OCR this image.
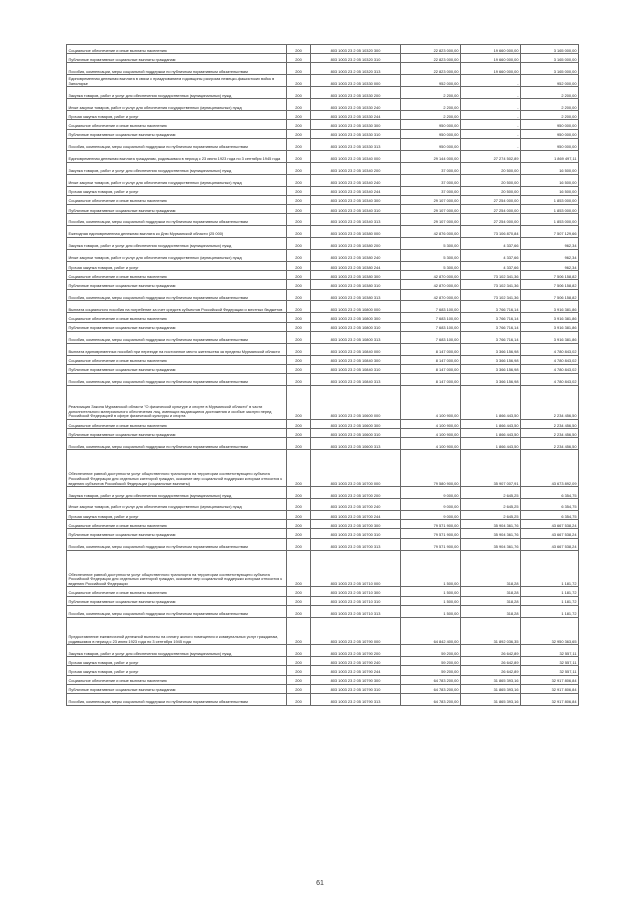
Социальное обеспечение и иные выплаты населению	200	803 1003 23 2 05 10320 300	22 823 000,00	19 660 000,00	3 165 000,00
Публичные нормативные социальные выплаты гражданам	200	803 1003 23 2 05 10320 310	22 823 000,00	19 660 000,00	3 165 000,00
Пособия, компенсации, меры социальной поддержки по публичным нормативным обязательствам	200	803 1003 23 2 05 10320 313	22 823 000,00	19 660 000,00	3 165 000,00
Единовременная денежная выплата в связи с празднованием годовщины разгрома немецко-фашистских войск в Заполярье	200	803 1003 23 2 05 10330 000	952 000,00	-	952 000,00
Закупка товаров, работ и услуг для обеспечения государственных (муниципальных) нужд	200	803 1003 23 2 05 10330 200	2 200,00	-	2 200,00
Иные закупки товаров, работ и услуг для обеспечения государственных (муниципальных) нужд	200	803 1003 23 2 05 10330 240	2 200,00	-	2 200,00
Прочая закупка товаров, работ и услуг	200	803 1003 23 2 05 10330 244	2 200,00	-	2 200,00
Социальное обеспечение и иные выплаты населению	200	803 1003 23 2 05 10330 300	950 000,00	-	950 000,00
Публичные нормативные социальные выплаты гражданам	200	803 1003 23 2 05 10330 310	950 000,00	-	950 000,00
Пособия, компенсации, меры социальной поддержки по публичным нормативным обязательствам	200	803 1003 23 2 05 10330 313	950 000,00	-	950 000,00
Единовременная денежная выплата гражданам, родившимся в период с 23 июня 1923 года по 3 сентября 1945 года	200	803 1003 23 2 05 10340 000	29 144 000,00	27 274 502,89	1 869 497,11
Закупка товаров, работ и услуг для обеспечения государственных (муниципальных) нужд	200	803 1003 23 2 05 10340 200	37 000,00	20 500,00	16 500,00
Иные закупки товаров, работ и услуг для обеспечения государственных (муниципальных) нужд	200	803 1003 23 2 05 10340 240	37 000,00	20 500,00	16 500,00
Прочая закупка товаров, работ и услуг	200	803 1003 23 2 05 10340 244	37 000,00	20 500,00	16 500,00
Социальное обеспечение и иные выплаты населению	200	803 1003 23 2 05 10340 300	29 107 000,00	27 254 000,00	1 853 000,00
Публичные нормативные социальные выплаты гражданам	200	803 1003 23 2 05 10340 310	29 107 000,00	27 254 000,00	1 853 000,00
Пособия, компенсации, меры социальной поддержки по публичным нормативным обязательствам	200	803 1003 23 2 05 10340 313	29 107 000,00	27 254 000,00	1 853 000,00
Ежегодная единовременная денежная выплата ко Дню Мурманской области (25 000)	200	803 1003 23 2 05 10380 000	42 876 000,00	73 106 870,84	7 507 129,66
Закупка товаров, работ и услуг для обеспечения государственных (муниципальных) нужд	200	803 1003 23 2 05 10380 200	5 300,00	4 337,66	962,34
Иные закупки товаров, работ и услуг для обеспечения государственных (муниципальных) нужд	200	803 1003 23 2 05 10380 240	5 300,00	4 337,66	962,34
Прочая закупка товаров, работ и услуг	200	803 1003 23 2 05 10380 244	5 300,00	4 337,66	962,34
Социальное обеспечение и иные выплаты населению	200	803 1003 23 2 05 10380 300	42 870 000,00	73 102 341,36	7 506 158,82
Публичные нормативные социальные выплаты гражданам	200	803 1003 23 2 05 10380 310	42 870 000,00	73 102 341,36	7 506 158,82
Пособия, компенсации, меры социальной поддержки по публичным нормативным обязательствам	200	803 1003 23 2 05 10380 313	42 870 000,00	73 102 341,36	7 506 158,82
Выплата социального пособия на погребение за счет средств субъектов Российской Федерации и местных бюджетов	200	803 1003 23 2 05 10800 000	7 683 100,00	3 766 716,14	3 916 381,86
Социальное обеспечение и иные выплаты населению	200	803 1003 23 2 05 10800 300	7 683 100,00	3 766 716,14	3 916 381,86
Публичные нормативные социальные выплаты гражданам	200	803 1003 23 2 05 10800 310	7 683 100,00	3 766 716,14	3 916 381,86
Пособия, компенсации, меры социальной поддержки по публичным нормативным обязательствам	200	803 1003 23 2 05 10800 313	7 683 100,00	3 766 716,14	3 916 381,86
Выплата единовременных пособий при переезде на постоянное место жительства за пределы Мурманской области	200	803 1003 23 2 05 10840 000	8 147 000,00	3 366 156,98	4 780 843,02
Социальное обеспечение и иные выплаты населению	200	803 1003 23 2 05 10840 300	8 147 000,00	3 366 156,98	4 780 843,02
Публичные нормативные социальные выплаты гражданам	200	803 1003 23 2 05 10840 310	8 147 000,00	3 366 156,98	4 780 843,02
Пособия, компенсации, меры социальной поддержки по публичным нормативным обязательствам	200	803 1003 23 2 05 10840 313	8 147 000,00	3 366 156,98	4 780 843,02
Реализация Закона Мурманской области "О физической культуре и спорте в Мурманской области" в части дополнительного материального обеспечения лиц, имеющих выдающиеся достижения и особые заслуги перед Российской Федерацией в сфере физической культуры и спорта	200	803 1003 23 2 05 10600 000	4 100 900,00	1 866 443,50	2 234 456,50
Социальное обеспечение и иные выплаты населению	200	803 1003 23 2 05 10600 300	4 100 900,00	1 866 443,50	2 234 456,50
Публичные нормативные социальные выплаты гражданам	200	803 1003 23 2 05 10600 310	4 100 900,00	1 866 443,50	2 234 456,50
Пособия, компенсации, меры социальной поддержки по публичным нормативным обязательствам	200	803 1003 23 2 05 10600 313	4 100 900,00	1 866 443,50	2 234 456,50
Обеспечение равной доступности услуг общественного транспорта на территории соответствующего субъекта Российской Федерации для отдельных категорий граждан, оказание мер социальной поддержки которым относится к ведению субъектов Российской Федерации (социальные выплаты)	200	803 1003 23 2 05 10700 000	79 580 900,00	35 907 007,91	43 673 892,09
Закупка товаров, работ и услуг для обеспечения государственных (муниципальных) нужд	200	803 1003 23 2 05 10700 200	9 000,00	2 645,25	6 354,75
Иные закупки товаров, работ и услуг для обеспечения государственных (муниципальных) нужд	200	803 1003 23 2 05 10700 240	9 000,00	2 645,25	6 354,75
Прочая закупка товаров, работ и услуг	200	803 1003 23 2 05 10700 244	9 000,00	2 645,25	6 354,75
Социальное обеспечение и иные выплаты населению	200	803 1003 23 2 05 10700 300	79 571 900,00	35 904 361,76	43 667 538,24
Публичные нормативные социальные выплаты гражданам	200	803 1003 23 2 05 10700 310	79 571 900,00	35 904 361,76	43 667 538,24
Пособия, компенсации, меры социальной поддержки по публичным нормативным обязательствам	200	803 1003 23 2 05 10700 313	79 571 900,00	35 904 361,76	43 667 538,24
Обеспечение равной доступности услуг общественного транспорта на территории соответствующего субъекта Российской Федерации для отдельных категорий граждан, оказание мер социальной поддержки которым относится к ведению Российской Федерации	200	803 1003 23 2 05 10710 000	1 500,00	318,28	1 181,72
Социальное обеспечение и иные выплаты населению	200	803 1003 23 2 05 10710 300	1 500,00	318,28	1 181,72
Публичные нормативные социальные выплаты гражданам	200	803 1003 23 2 05 10710 310	1 500,00	318,28	1 181,72
Пособия, компенсации, меры социальной поддержки по публичным нормативным обязательствам	200	803 1003 23 2 05 10710 313	1 500,00	318,28	1 181,72
Предоставление ежемесячной денежной выплаты на оплату жилого помещения и коммунальных услуг гражданам, родившимся в период с 23 июня 1923 года по 3 сентября 1945 года	200	803 1003 23 2 05 10790 000	64 842 400,00	31 892 036,35	32 950 363,65
Закупка товаров, работ и услуг для обеспечения государственных (муниципальных) нужд	200	803 1003 23 2 05 10790 200	59 200,00	26 642,89	32 557,11
Прочая закупка товаров, работ и услуг	200	803 1003 23 2 05 10790 240	59 200,00	26 642,89	32 557,11
Прочая закупка товаров, работ и услуг	200	803 1003 23 2 05 10790 244	59 200,00	26 642,89	32 557,11
Социальное обеспечение и иные выплаты населению	200	803 1003 23 2 05 10790 300	64 783 200,00	31 865 393,16	32 917 806,84
Публичные нормативные социальные выплаты гражданам	200	803 1003 23 2 05 10790 310	64 783 200,00	31 865 393,16	32 917 806,84
Пособия, компенсации, меры социальной поддержки по публичным нормативным обязательствам	200	803 1003 23 2 05 10790 313	64 783 200,00	31 865 393,16	32 917 806,84
61
